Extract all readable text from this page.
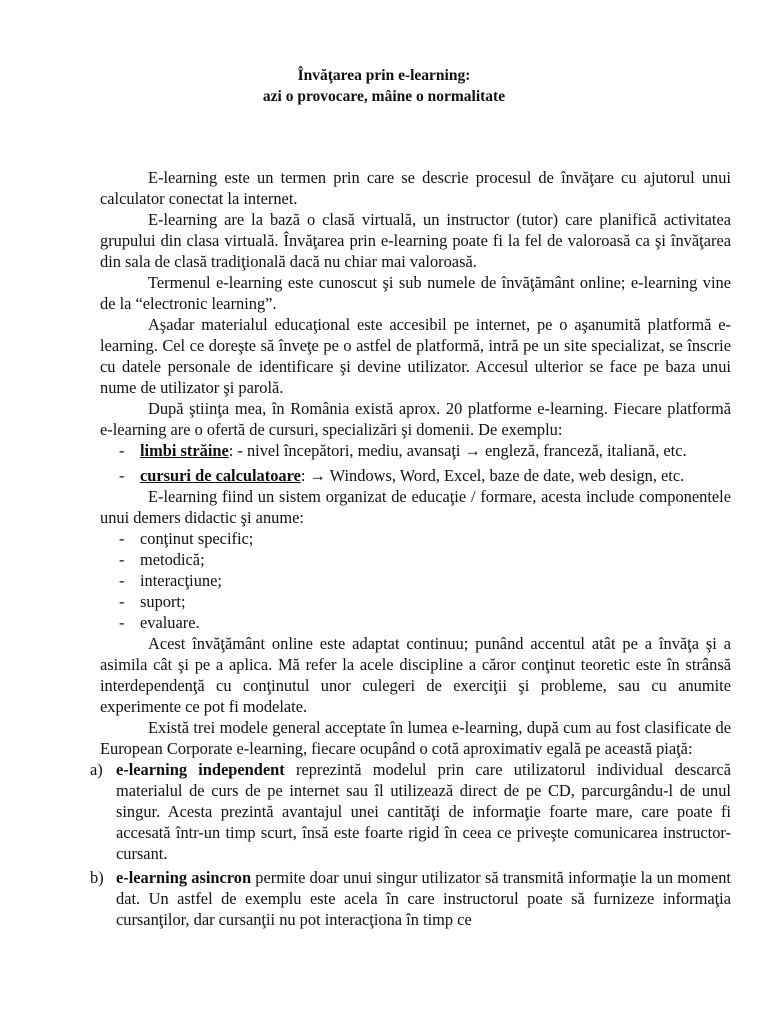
Învăţarea prin e-learning:
azi o provocare, mâine o normalitate

E-learning este un termen prin care se descrie procesul de învăţare cu ajutorul unui calculator conectat la internet.

E-learning are la bază o clasă virtuală, un instructor (tutor) care planifică activitatea grupului din clasa virtuală. Învăţarea prin e-learning poate fi la fel de valoroasă ca şi învăţarea din sala de clasă tradiţională dacă nu chiar mai valoroasă.

Termenul e-learning este cunoscut şi sub numele de învăţământ online; e-learning vine de la “electronic learning”.

Aşadar materialul educaţional este accesibil pe internet, pe o aşanumită platformă e-learning. Cel ce doreşte să înveţe pe o astfel de platformă, intră pe un site specializat, se înscrie cu datele personale de identificare şi devine utilizator. Accesul ulterior se face pe baza unui nume de utilizator şi parolă.

După ştiinţa mea, în România există aprox. 20 platforme e-learning. Fiecare platformă e-learning are o ofertă de cursuri, specializări şi domenii. De exemplu:

- limbi străine: - nivel începători, mediu, avansaţi → engleză, franceză, italiană, etc.
- cursuri de calculatoare: → Windows, Word, Excel, baze de date, web design, etc.

E-learning fiind un sistem organizat de educaţie / formare, acesta include componentele unui demers didactic şi anume:

- conţinut specific;
- metodică;
- interacţiune;
- suport;
- evaluare.

Acest învăţământ online este adaptat continuu; punând accentul atât pe a învăţa şi a asimila cât şi pe a aplica. Mă refer la acele discipline a căror conţinut teoretic este în strânsă interdependenţă cu conţinutul unor culegeri de exerciţii şi probleme, sau cu anumite experimente ce pot fi modelate.

Există trei modele general acceptate în lumea e-learning, după cum au fost clasificate de European Corporate e-learning, fiecare ocupând o cotă aproximativ egală pe această piaţă:

a) e-learning independent reprezintă modelul prin care utilizatorul individual descarcă materialul de curs de pe internet sau îl utilizează direct de pe CD, parcurgându-l de unul singur. Acesta prezintă avantajul unei cantităţi de informaţie foarte mare, care poate fi accesată într-un timp scurt, însă este foarte rigid în ceea ce priveşte comunicarea instructor-cursant.
b) e-learning asincron permite doar unui singur utilizator să transmită informaţie la un moment dat. Un astfel de exemplu este acela în care instructorul poate să furnizeze informaţia cursanţilor, dar cursanţii nu pot interacţiona în timp ce
